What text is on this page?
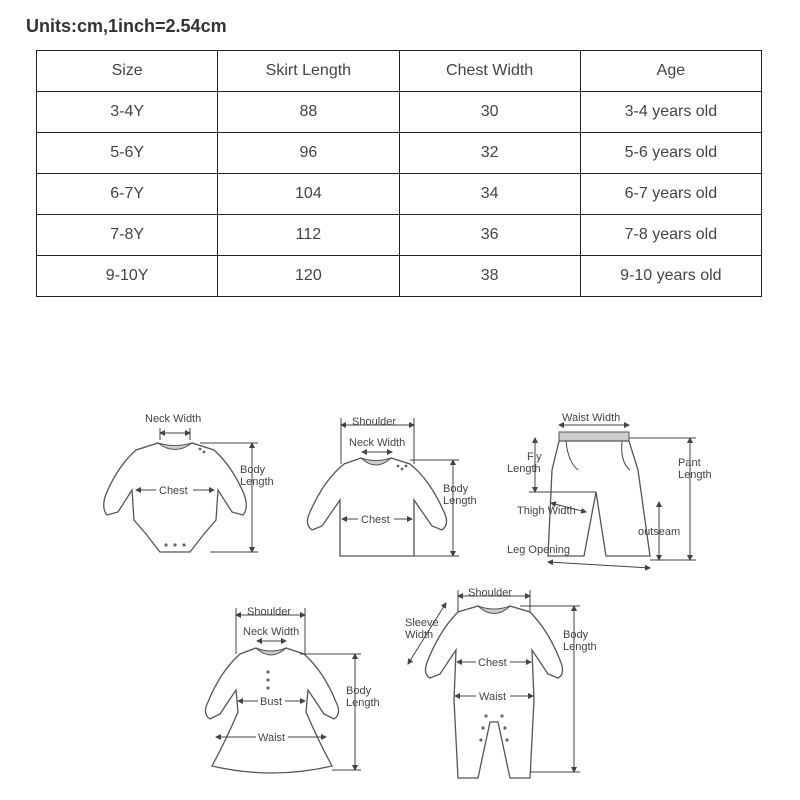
Units:cm,1inch=2.54cm
Size	Skirt Length	Chest Width	Age
3-4Y	88	30	3-4 years old
5-6Y	96	32	5-6 years old
6-7Y	104	34	6-7 years old
7-8Y	112	36	7-8 years old
9-10Y	120	38	9-10 years old
Neck Width
Body
Length
Chest
Shoulder
Neck Width
Body
Length
Chest
Waist Width
Fly
Length	Pant
Length
Thigh Width
outseam
Leg Opening
Shoulder
Neck Width
Bust
Body
Length
Waist
Shoulder
Sleeve
Width	Body
Length
Chest
Waist
